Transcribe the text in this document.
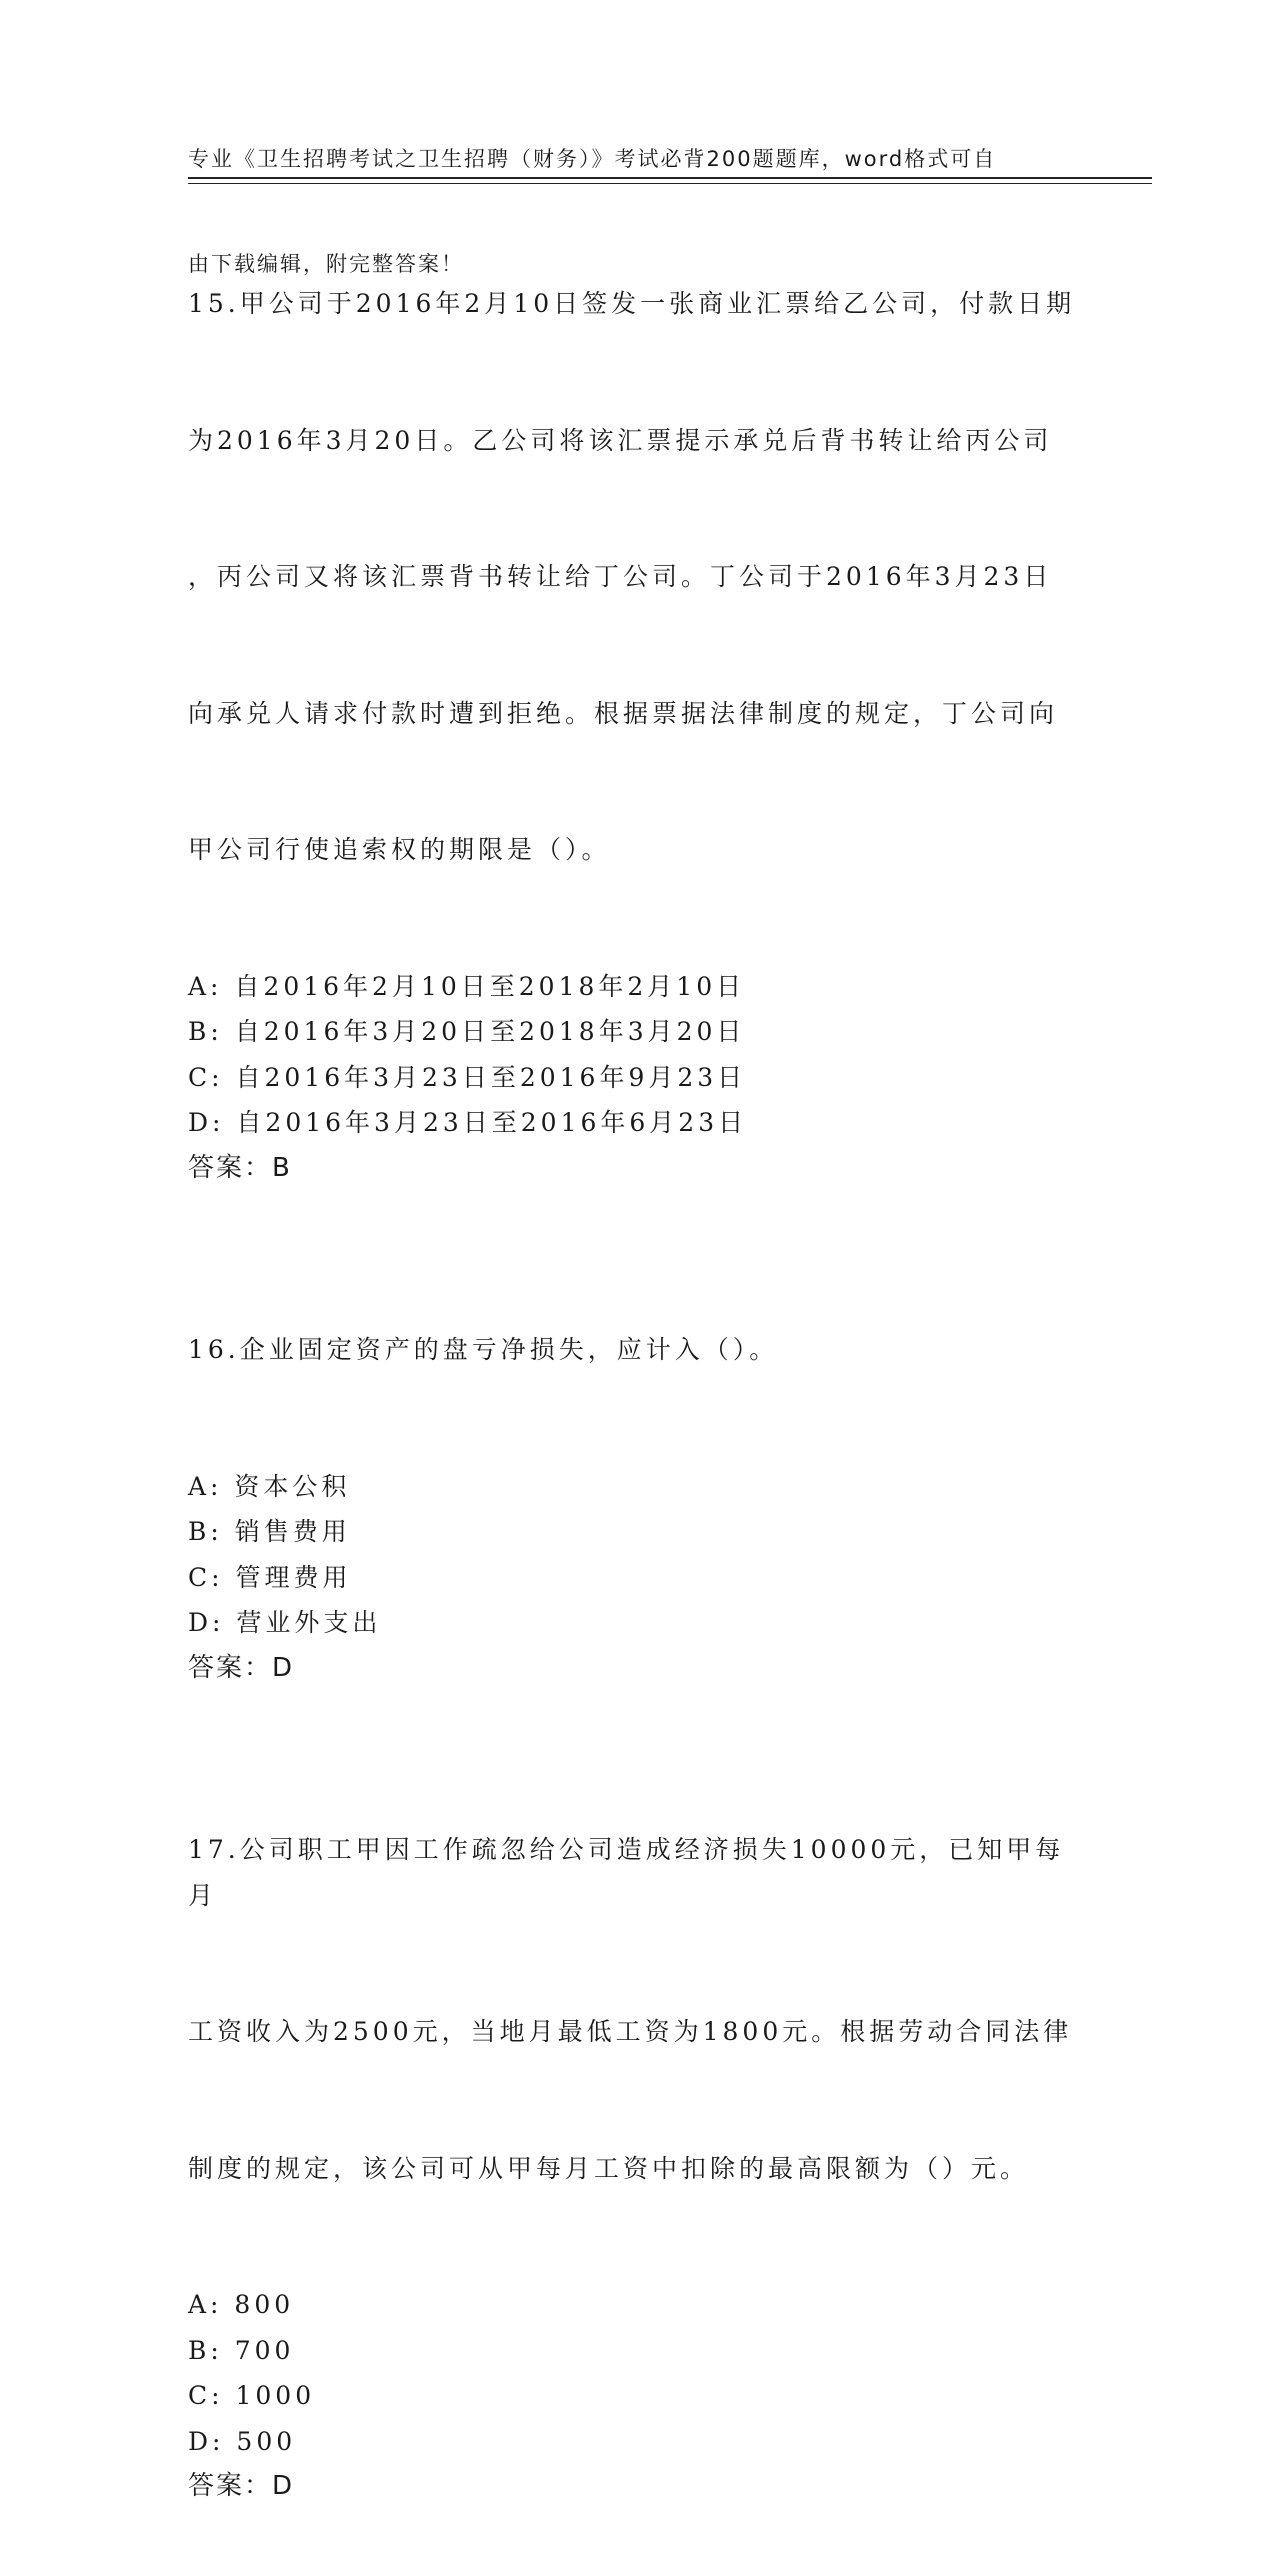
专业《卫生招聘考试之卫生招聘（财务）》考试必背200题题库，word格式可自

由下载编辑，附完整答案！

15.甲公司于2016年2月10日签发一张商业汇票给乙公司，付款日期

为2016年3月20日。乙公司将该汇票提示承兑后背书转让给丙公司

，丙公司又将该汇票背书转让给丁公司。丁公司于2016年3月23日

向承兑人请求付款时遭到拒绝。根据票据法律制度的规定，丁公司向

甲公司行使追索权的期限是（）。

A: 自2016年2月10日至2018年2月10日
B: 自2016年3月20日至2018年3月20日
C: 自2016年3月23日至2016年9月23日
D: 自2016年3月23日至2016年6月23日
答案：B

16.企业固定资产的盘亏净损失，应计入（）。

A: 资本公积
B: 销售费用
C: 管理费用
D: 营业外支出
答案：D

17.公司职工甲因工作疏忽给公司造成经济损失10000元，已知甲每月

工资收入为2500元，当地月最低工资为1800元。根据劳动合同法律

制度的规定，该公司可从甲每月工资中扣除的最高限额为（）元。

A: 800
B: 700
C: 1000
D: 500
答案：D
